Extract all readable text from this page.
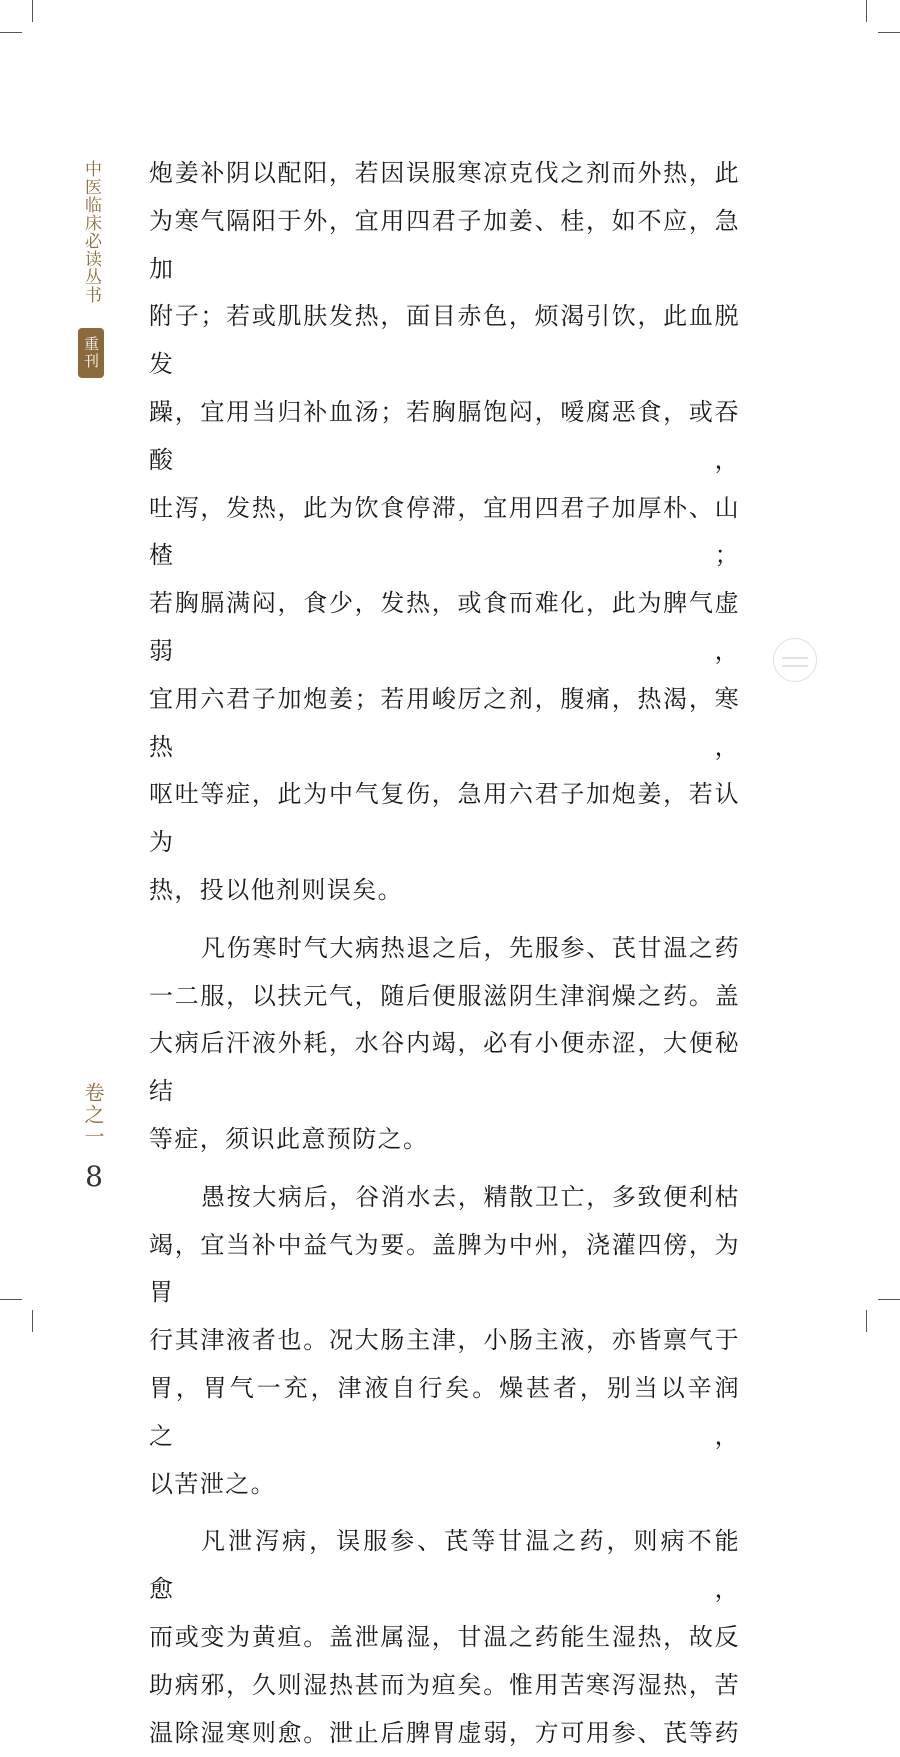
中医临床必读丛书
重刊
卷之一
8

炮姜补阴以配阳，若因误服寒凉克伐之剂而外热，此

为寒气隔阳于外，宜用四君子加姜、桂，如不应，急加

附子；若或肌肤发热，面目赤色，烦渴引饮，此血脱发

躁，宜用当归补血汤；若胸膈饱闷，嗳腐恶食，或吞酸，

吐泻，发热，此为饮食停滞，宜用四君子加厚朴、山楂；

若胸膈满闷，食少，发热，或食而难化，此为脾气虚弱，

宜用六君子加炮姜；若用峻厉之剂，腹痛，热渴，寒热，

呕吐等症，此为中气复伤，急用六君子加炮姜，若认为

热，投以他剂则误矣。

凡伤寒时气大病热退之后，先服参、芪甘温之药

一二服，以扶元气，随后便服滋阴生津润燥之药。盖

大病后汗液外耗，水谷内竭，必有小便赤涩，大便秘结

等症，须识此意预防之。

愚按大病后，谷消水去，精散卫亡，多致便利枯

竭，宜当补中益气为要。盖脾为中州，浇灌四傍，为胃

行其津液者也。况大肠主津，小肠主液，亦皆禀气于

胃，胃气一充，津液自行矣。燥甚者，别当以辛润之，

以苦泄之。

凡泄泻病，误服参、芪等甘温之药，则病不能愈，

而或变为黄疸。盖泄属湿，甘温之药能生湿热，故反

助病邪，久则湿热甚而为疸矣。惟用苦寒泻湿热，苦

温除湿寒则愈。泄止后脾胃虚弱，方可用参、芪等药
